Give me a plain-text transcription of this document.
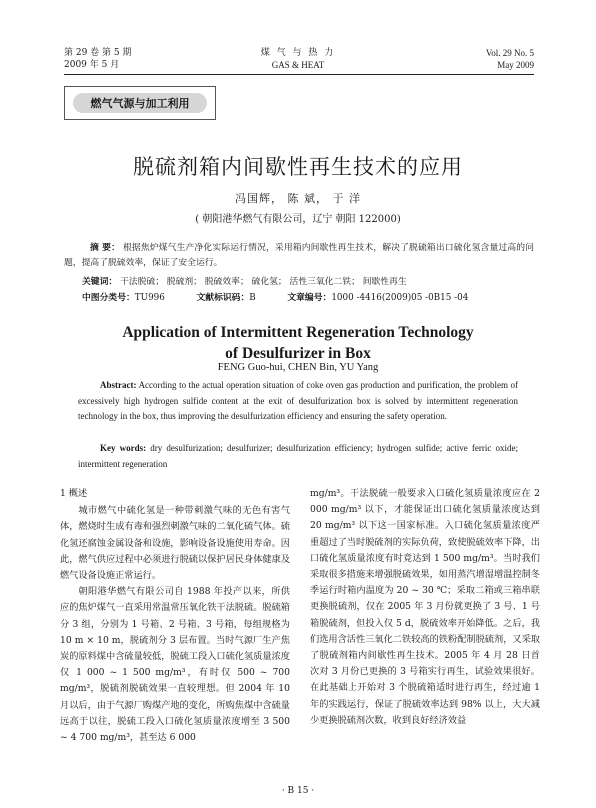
第 29 卷 第 5 期
2009 年 5 月
煤 气 与 热 力
GAS & HEAT
Vol. 29 No. 5
May 2009
燃气气源与加工利用
脱硫剂箱内间歇性再生技术的应用
冯国辉， 陈 斌， 于 洋
( 朝阳港华燃气有限公司，辽宁 朝阳 122000)
摘 要： 根据焦炉煤气生产净化实际运行情况，采用箱内间歇性再生技术，解决了脱硫箱出口硫化氢含量过高的问题，提高了脱硫效率，保证了安全运行。
关键词： 干法脱硫； 脱硫剂； 脱硫效率； 硫化氢； 活性三氧化二铁； 间歇性再生
中图分类号：TU996	文献标识码：B	文章编号：1000 -4416(2009)05 -0B15 -04
Application of Intermittent Regeneration Technology
of Desulfurizer in Box
FENG Guo-hui, CHEN Bin, YU Yang
Abstract: According to the actual operation situation of coke oven gas production and purification, the problem of excessively high hydrogen sulfide content at the exit of desulfurization box is solved by intermittent regeneration technology in the box, thus improving the desulfurization efficiency and ensuring the safety operation.
Key words: dry desulfurization; desulfurizer; desulfurization efficiency; hydrogen sulfide; active ferric oxide; intermittent regeneration

1 概述

城市燃气中硫化氢是一种带刺激气味的无色有害气体，燃烧时生成有毒和强烈刺激气味的二氧化硫气体。硫化氢还腐蚀金属设备和设施，影响设备设施使用寿命。因此，燃气供应过程中必须进行脱硫以保护居民身体健康及燃气设备设施正常运行。

朝阳港华燃气有限公司自 1988 年投产以来，所供应的焦炉煤气一直采用常温常压氧化铁干法脱硫。脱硫箱分 3 组，分别为 1 号箱、2 号箱、3 号箱，每组规格为 10 m × 10 m，脱硫剂分 3 层布置。当时气源厂生产焦炭的原料煤中含硫量较低，脱硫工段入口硫化氢质量浓度仅 1 000 ~ 1 500 mg/m³，有时仅 500 ~ 700 mg/m³，脱硫剂脱硫效果一直较理想。但 2004 年 10 月以后，由于气源厂购煤产地的变化，所购焦煤中含硫量远高于以往，脱硫工段入口硫化氢质量浓度增至 3 500 ~ 4 700 mg/m³，甚至达 6 000

mg/m³。干法脱硫一般要求入口硫化氢质量浓度应在 2 000 mg/m³ 以下，才能保证出口硫化氢质量浓度达到 20 mg/m³ 以下这一国家标准。入口硫化氢质量浓度严重超过了当时脱硫剂的实际负荷，致使脱硫效率下降，出口硫化氢质量浓度有时竟达到 1 500 mg/m³。当时我们采取很多措施来增强脱硫效果，如用蒸汽增湿增温控制冬季运行时箱内温度为 20 ~ 30 ℃；采取二箱或三箱串联更换脱硫剂，仅在 2005 年 3 月份就更换了 3 号、1 号箱脱硫剂，但投入仅 5 d，脱硫效率开始降低。之后，我们选用含活性三氧化二铁较高的铁粉配制脱硫剂，又采取了脱硫剂箱内间歇性再生技术。2005 年 4 月 28 日首次对 3 月份已更换的 3 号箱实行再生，试验效果很好。在此基础上开始对 3 个脱硫箱适时进行再生，经过逾 1 年的实践运行，保证了脱硫效率达到 98% 以上，大大减少更换脱硫剂次数，收到良好经济效益

· B 15 ·
